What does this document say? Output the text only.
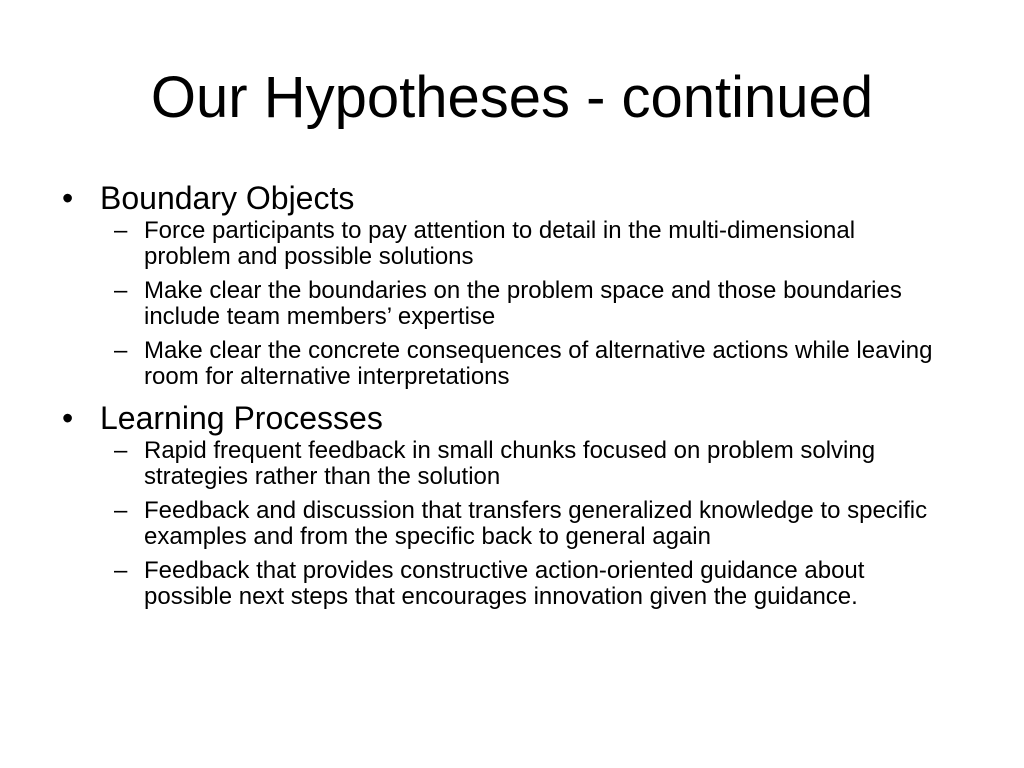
Our Hypotheses - continued
• Boundary Objects
– Force participants to pay attention to detail in the multi-dimensional problem and possible solutions
– Make clear the boundaries on the problem space and those boundaries include team members’ expertise
– Make clear the concrete consequences of alternative actions while leaving room for alternative interpretations
• Learning Processes
– Rapid frequent feedback in small chunks focused on problem solving strategies rather than the solution
– Feedback and discussion that transfers generalized knowledge to specific examples and from the specific back to general again
– Feedback that provides constructive action-oriented guidance about possible next steps that encourages innovation given the guidance.
